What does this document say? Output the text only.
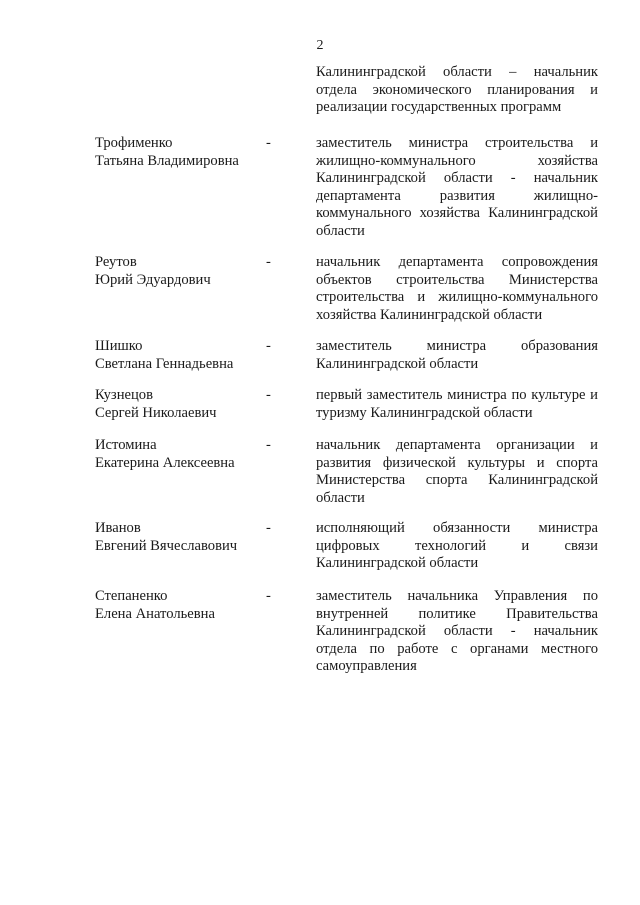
2
Калининградской области – начальник отдела экономического планирования и реализации государственных программ
Трофименко
Татьяна Владимировна
-	заместитель министра строительства и жилищно-коммунального хозяйства Калининградской области - начальник департамента развития жилищно-коммунального хозяйства Калининградской области
Реутов
Юрий Эдуардович
-	начальник департамента сопровождения объектов строительства Министерства строительства и жилищно-коммунального хозяйства Калининградской области
Шишко
Светлана Геннадьевна
-	заместитель министра образования Калининградской области
Кузнецов
Сергей Николаевич
-	первый заместитель министра по культуре и туризму Калининградской области
Истомина
Екатерина Алексеевна
-	начальник департамента организации и развития физической культуры и спорта Министерства спорта Калининградской области
Иванов
Евгений Вячеславович
-	исполняющий обязанности министра цифровых технологий и связи Калининградской области
Степаненко
Елена Анатольевна
-	заместитель начальника Управления по внутренней политике Правительства Калининградской области - начальник отдела по работе с органами местного самоуправления
